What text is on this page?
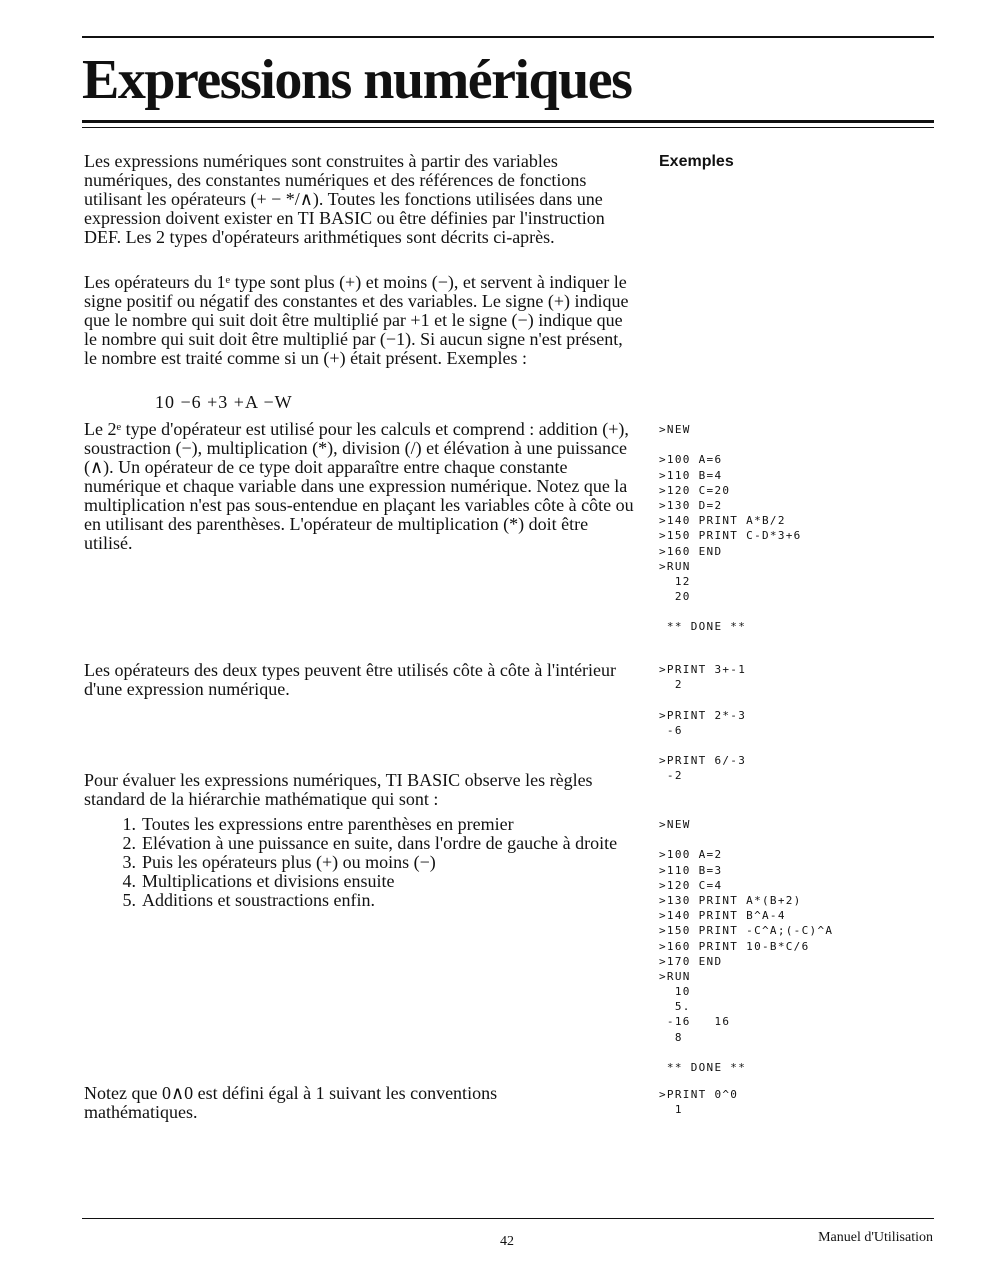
Expressions numériques
Exemples

Les expressions numériques sont construites à partir des variables numériques, des constantes numériques et des références de fonctions utilisant les opérateurs (+ − */∧). Toutes les fonctions utilisées dans une expression doivent exister en TI BASIC ou être définies par l'instruction DEF. Les 2 types d'opérateurs arithmétiques sont décrits ci-après.

Les opérateurs du 1ᵉ type sont plus (+) et moins (−), et servent à indiquer le signe positif ou négatif des constantes et des variables. Le signe (+) indique que le nombre qui suit doit être multiplié par +1 et le signe (−) indique que le nombre qui suit doit être multiplié par (−1). Si aucun signe n'est présent, le nombre est traité comme si un (+) était présent. Exemples :

10 −6 +3 +A −W

Le 2ᵉ type d'opérateur est utilisé pour les calculs et comprend : addition (+), soustraction (−), multiplication (*), division (/) et élévation à une puissance (∧). Un opérateur de ce type doit apparaître entre chaque constante numérique et chaque variable dans une expression numérique. Notez que la multiplication n'est pas sous-entendue en plaçant les variables côte à côte ou en utilisant des parenthèses. L'opérateur de multiplication (*) doit être utilisé.

Les opérateurs des deux types peuvent être utilisés côte à côte à l'intérieur d'une expression numérique.

Pour évaluer les expressions numériques, TI BASIC observe les règles standard de la hiérarchie mathématique qui sont :

1. Toutes les expressions entre parenthèses en premier
2. Elévation à une puissance en suite, dans l'ordre de gauche à droite
3. Puis les opérateurs plus (+) ou moins (−)
4. Multiplications et divisions ensuite
5. Additions et soustractions enfin.

Notez que 0∧0 est défini égal à 1 suivant les conventions mathématiques.

>NEW
>100 A=6
>110 B=4
>120 C=20
>130 D=2
>140 PRINT A*B/2
>150 PRINT C-D*3+6
>160 END
>RUN
12
20
** DONE **
>PRINT 3+-1
2
>PRINT 2*-3
-6
>PRINT 6/-3
-2
>NEW
>100 A=2
>110 B=3
>120 C=4
>130 PRINT A*(B+2)
>140 PRINT B^A-4
>150 PRINT -C^A;(-C)^A
>160 PRINT 10-B*C/6
>170 END
>RUN
10
5.
-16   16
8
** DONE **
>PRINT 0^0
1
42	Manuel d'Utilisation
